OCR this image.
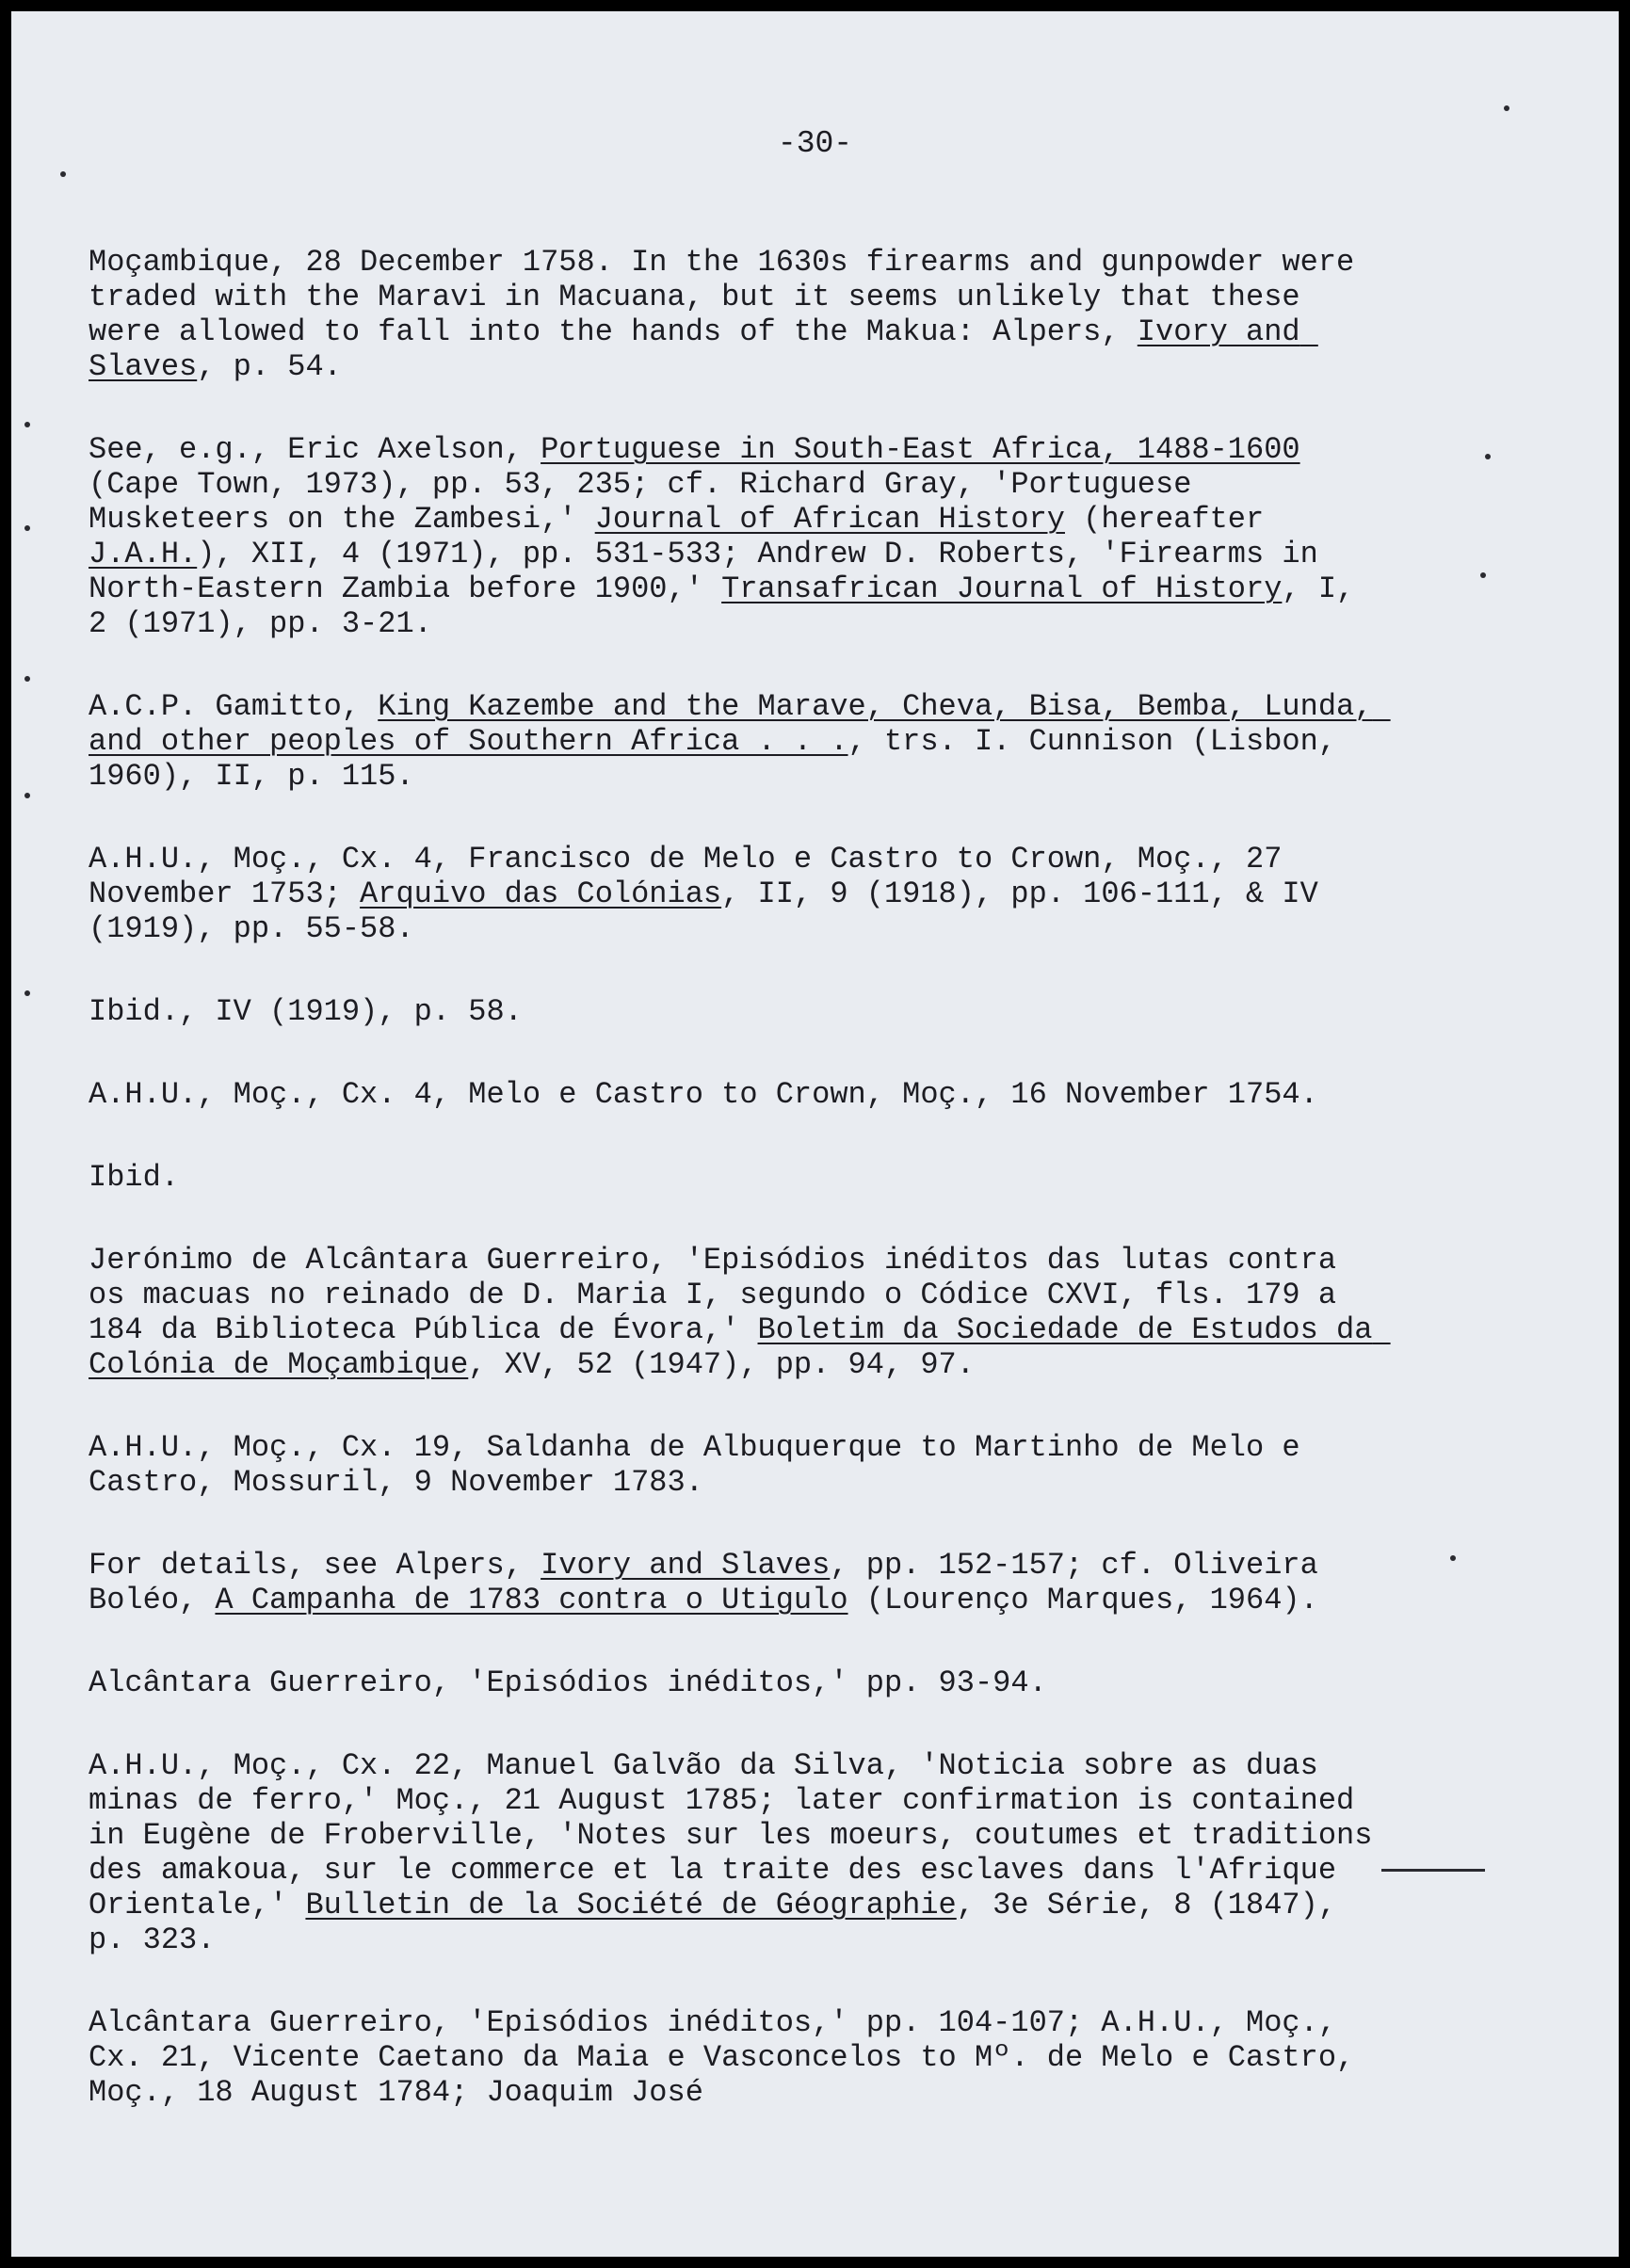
-30-
Moçambique, 28 December 1758. In the 1630s firearms and gunpowder were traded with the Maravi in Macuana, but it seems unlikely that these were allowed to fall into the hands of the Makua: Alpers, Ivory and Slaves, p. 54.
See, e.g., Eric Axelson, Portuguese in South-East Africa, 1488-1600 (Cape Town, 1973), pp. 53, 235; cf. Richard Gray, 'Portuguese Musketeers on the Zambesi,' Journal of African History (hereafter J.A.H.), XII, 4 (1971), pp. 531-533; Andrew D. Roberts, 'Firearms in North-Eastern Zambia before 1900,' Transafrican Journal of History, I, 2 (1971), pp. 3-21.
A.C.P. Gamitto, King Kazembe and the Marave, Cheva, Bisa, Bemba, Lunda, and other peoples of Southern Africa . . ., trs. I. Cunnison (Lisbon, 1960), II, p. 115.
A.H.U., Moç., Cx. 4, Francisco de Melo e Castro to Crown, Moç., 27 November 1753; Arquivo das Colónias, II, 9 (1918), pp. 106-111, & IV (1919), pp. 55-58.
Ibid., IV (1919), p. 58.
A.H.U., Moç., Cx. 4, Melo e Castro to Crown, Moç., 16 November 1754.
Ibid.
Jerónimo de Alcântara Guerreiro, 'Episódios inéditos das lutas contra os macuas no reinado de D. Maria I, segundo o Códice CXVI, fls. 179 a 184 da Biblioteca Pública de Évora,' Boletim da Sociedade de Estudos da Colónia de Moçambique, XV, 52 (1947), pp. 94, 97.
A.H.U., Moç., Cx. 19, Saldanha de Albuquerque to Martinho de Melo e Castro, Mossuril, 9 November 1783.
For details, see Alpers, Ivory and Slaves, pp. 152-157; cf. Oliveira Boléo, A Campanha de 1783 contra o Utigulo (Lourenço Marques, 1964).
Alcântara Guerreiro, 'Episódios inéditos,' pp. 93-94.
A.H.U., Moç., Cx. 22, Manuel Galvão da Silva, 'Noticia sobre as duas minas de ferro,' Moç., 21 August 1785; later confirmation is contained in Eugène de Froberville, 'Notes sur les moeurs, coutumes et traditions des amakoua, sur le commerce et la traite des esclaves dans l'Afrique Orientale,' Bulletin de la Société de Géographie, 3e Série, 8 (1847), p. 323.
Alcântara Guerreiro, 'Episódios inéditos,' pp. 104-107; A.H.U., Moç., Cx. 21, Vicente Caetano da Maia e Vasconcelos to Mº. de Melo e Castro, Moç., 18 August 1784; Joaquim José
